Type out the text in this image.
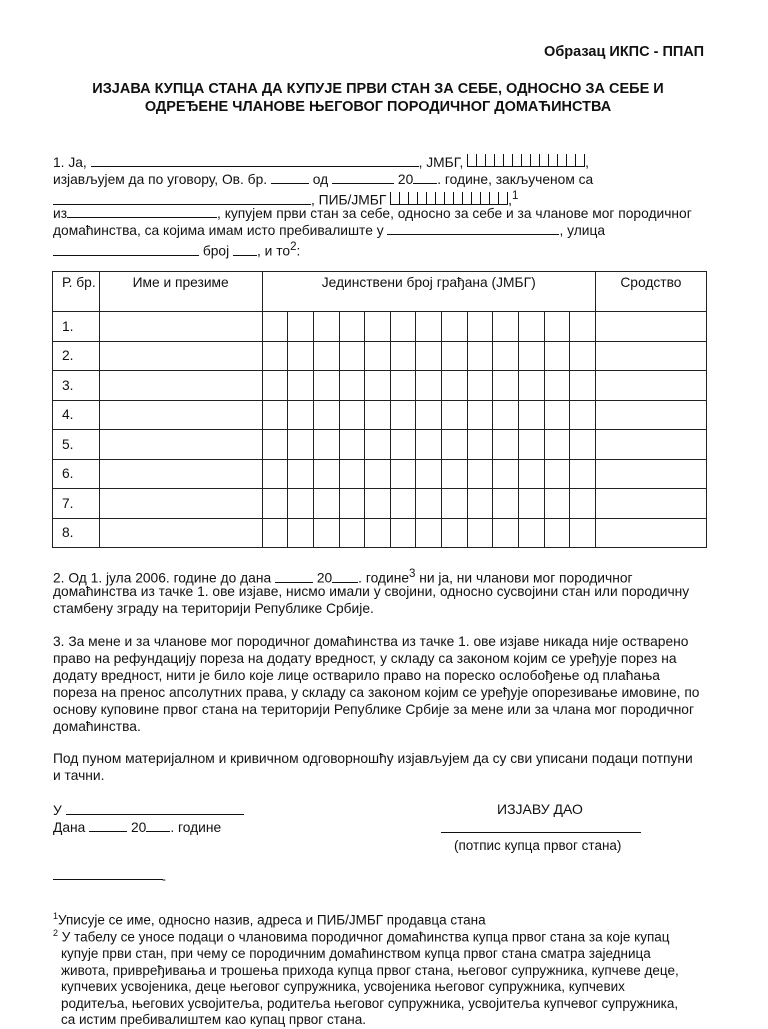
Образац ИКПС - ППАП
ИЗЈАВА КУПЦА СТАНА ДА КУПУЈЕ ПРВИ СТАН ЗА СЕБЕ, ОДНОСНО ЗА СЕБЕ И
ОДРЕЂЕНЕ ЧЛАНОВЕ ЊЕГОВОГ ПОРОДИЧНОГ ДОМАЋИНСТВА
1. Ја,	, ЈМБГ,	,
изјављујем да по уговору, Ов. бр.	од	20 . године, закљученом са
, ПИБ/ЈМБГ	,$^1$
из	, купујем први стан за себе, односно за себе и за чланове мог породичног
домаћинства, са којима имам исто пребивалиште у	, улица
број , и $то^2$:
Р. бр.	Име и презиме	Јединствени број грађана (ЈМБГ)													Сродство
1.															
2.															
3.															
4.															
5.															
6.															
7.															
8.															
2. Од 1. јула 2006. године до дана	20 . године$^3$ ни ја, ни чланови мог породичног
домаћинства из тачке 1. ове изјаве, нисмо имали у својини, односно сусвојини стан или породичну
стамбену зграду на територији Републике Србије.
3. За мене и за чланове мог породичног домаћинства из тачке 1. ове изјаве никада није остварено
право на рефундацију пореза на додату вредност, у складу са законом којим се уређује порез на
додату вредност, нити је било које лице остварило право на пореско ослобођење од плаћања
пореза на пренос апсолутних права, у складу са законом којим се уређује опорезивање имовине, по
основу куповине првог стана на територији Републике Србије за мене или за члана мог породичног
домаћинства.
Под пуном материјалном и кривичном одговорношћу изјављујем да су сви уписани подаци потпуни
и тачни.
У
Дана	20 . године
ИЗЈАВУ ДАО
(потпис купца првог стана)
-
$^1$Уписује се име, односно назив, адреса и ПИБ/ЈМБГ продавца стана
$^2$ У табелу се уносе подаци о члановима породичног домаћинства купца првог стана за које купац
купује први стан, при чему се породичним домаћинством купца првог стана сматра заједница
живота, привређивања и трошења прихода купца првог стана, његовог супружника, купчеве деце,
купчевих усвојеника, деце његовог супружника, усвојеника његовог супружника, купчевих
родитеља, његових усвојитеља, родитеља његовог супружника, усвојитеља купчевог супружника,
са истим пребивалиштем као купац првог стана.
